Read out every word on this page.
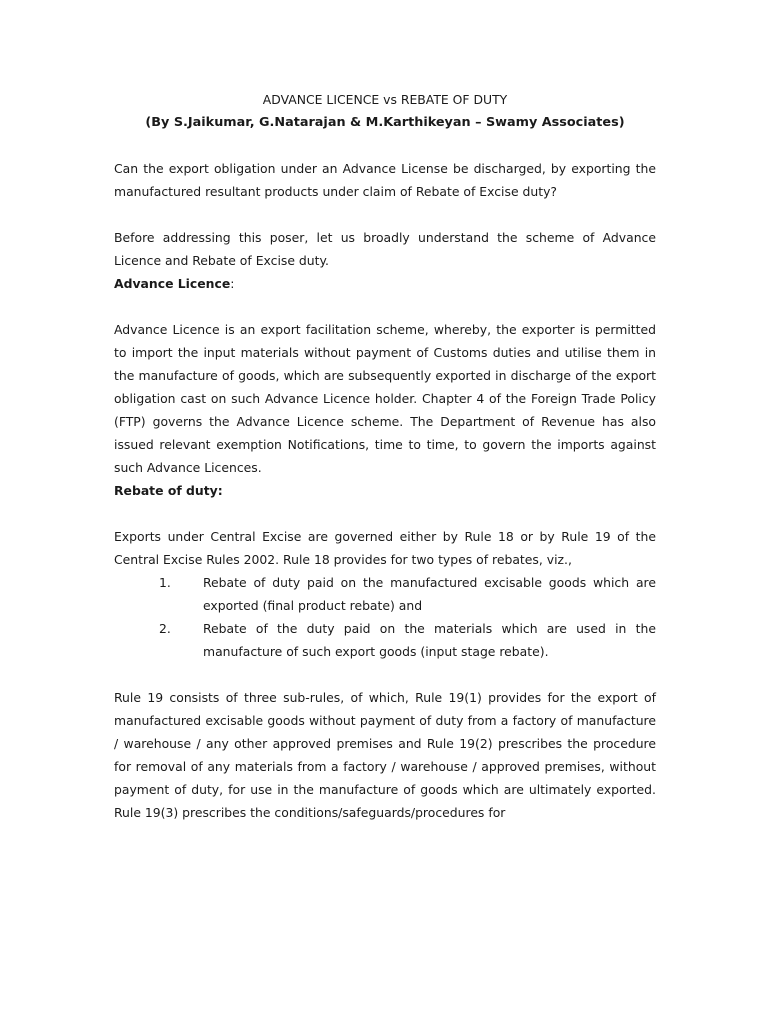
ADVANCE LICENCE vs REBATE OF DUTY

(By S.Jaikumar, G.Natarajan & M.Karthikeyan – Swamy Associates)

Can the export obligation under an Advance License be discharged, by exporting the manufactured resultant products under claim of Rebate of Excise duty?

Before addressing this poser, let us broadly understand the scheme of Advance Licence and Rebate of Excise duty.

Advance Licence:

Advance Licence is an export facilitation scheme, whereby, the exporter is permitted to import the input materials without payment of Customs duties and utilise them in the manufacture of goods, which are subsequently exported in discharge of the export obligation cast on such Advance Licence holder. Chapter 4 of the Foreign Trade Policy (FTP) governs the Advance Licence scheme. The Department of Revenue has also issued relevant exemption Notifications, time to time, to govern the imports against such Advance Licences.

Rebate of duty:

Exports under Central Excise are governed either by Rule 18 or by Rule 19 of the Central Excise Rules 2002. Rule 18 provides for two types of rebates, viz.,

1.	Rebate of duty paid on the manufactured excisable goods which are exported (final product rebate) and
2.	Rebate of the duty paid on the materials which are used in the manufacture of such export goods (input stage rebate).

Rule 19 consists of three sub-rules, of which, Rule 19(1) provides for the export of manufactured excisable goods without payment of duty from a factory of manufacture / warehouse / any other approved premises and Rule 19(2) prescribes the procedure for removal of any materials from a factory / warehouse / approved premises, without payment of duty, for use in the manufacture of goods which are ultimately exported. Rule 19(3) prescribes the conditions/safeguards/procedures for
